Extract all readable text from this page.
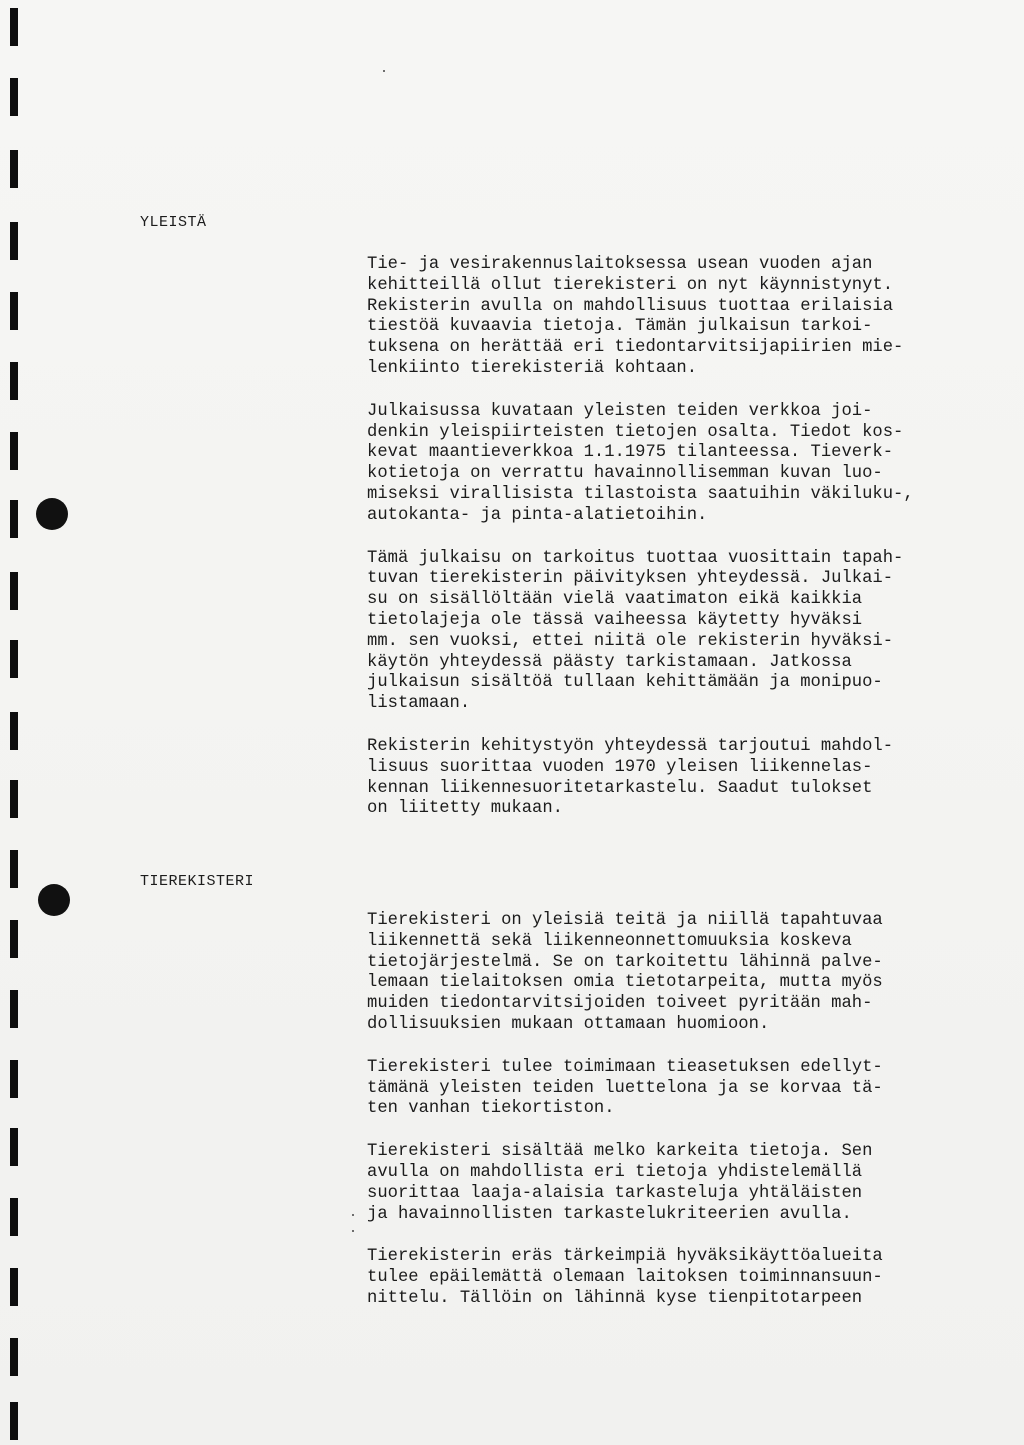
YLEISTÄ

Tie- ja vesirakennuslaitoksessa usean vuoden ajan
kehitteillä ollut tierekisteri on nyt käynnistynyt.
Rekisterin avulla on mahdollisuus tuottaa erilaisia
tiestöä kuvaavia tietoja. Tämän julkaisun tarkoi-
tuksena on herättää eri tiedontarvitsijapiirien mie-
lenkiinto tierekisteriä kohtaan.

Julkaisussa kuvataan yleisten teiden verkkoa joi-
denkin yleispiirteisten tietojen osalta. Tiedot kos-
kevat maantieverkkoa 1.1.1975 tilanteessa. Tieverk-
kotietoja on verrattu havainnollisemman kuvan luo-
miseksi virallisista tilastoista saatuihin väkiluku-,
autokanta- ja pinta-alatietoihin.

Tämä julkaisu on tarkoitus tuottaa vuosittain tapah-
tuvan tierekisterin päivityksen yhteydessä. Julkai-
su on sisällöltään vielä vaatimaton eikä kaikkia
tietolajeja ole tässä vaiheessa käytetty hyväksi
mm. sen vuoksi, ettei niitä ole rekisterin hyväksi-
käytön yhteydessä päästy tarkistamaan. Jatkossa
julkaisun sisältöä tullaan kehittämään ja monipuo-
listamaan.

Rekisterin kehitystyön yhteydessä tarjoutui mahdol-
lisuus suorittaa vuoden 1970 yleisen liikennelas-
kennan liikennesuoritetarkastelu. Saadut tulokset
on liitetty mukaan.

TIEREKISTERI

Tierekisteri on yleisiä teitä ja niillä tapahtuvaa
liikennettä sekä liikenneonnettomuuksia koskeva
tietojärjestelmä. Se on tarkoitettu lähinnä palve-
lemaan tielaitoksen omia tietotarpeita, mutta myös
muiden tiedontarvitsijoiden toiveet pyritään mah-
dollisuuksien mukaan ottamaan huomioon.

Tierekisteri tulee toimimaan tieasetuksen edellyt-
tämänä yleisten teiden luettelona ja se korvaa tä-
ten vanhan tiekortiston.

Tierekisteri sisältää melko karkeita tietoja. Sen
avulla on mahdollista eri tietoja yhdistelemällä
suorittaa laaja-alaisia tarkasteluja yhtäläisten
ja havainnollisten tarkastelukriteerien avulla.

Tierekisterin eräs tärkeimpiä hyväksikäyttöalueita
tulee epäilemättä olemaan laitoksen toiminnansuun-
nittelu. Tällöin on lähinnä kyse tienpitotarpeen
